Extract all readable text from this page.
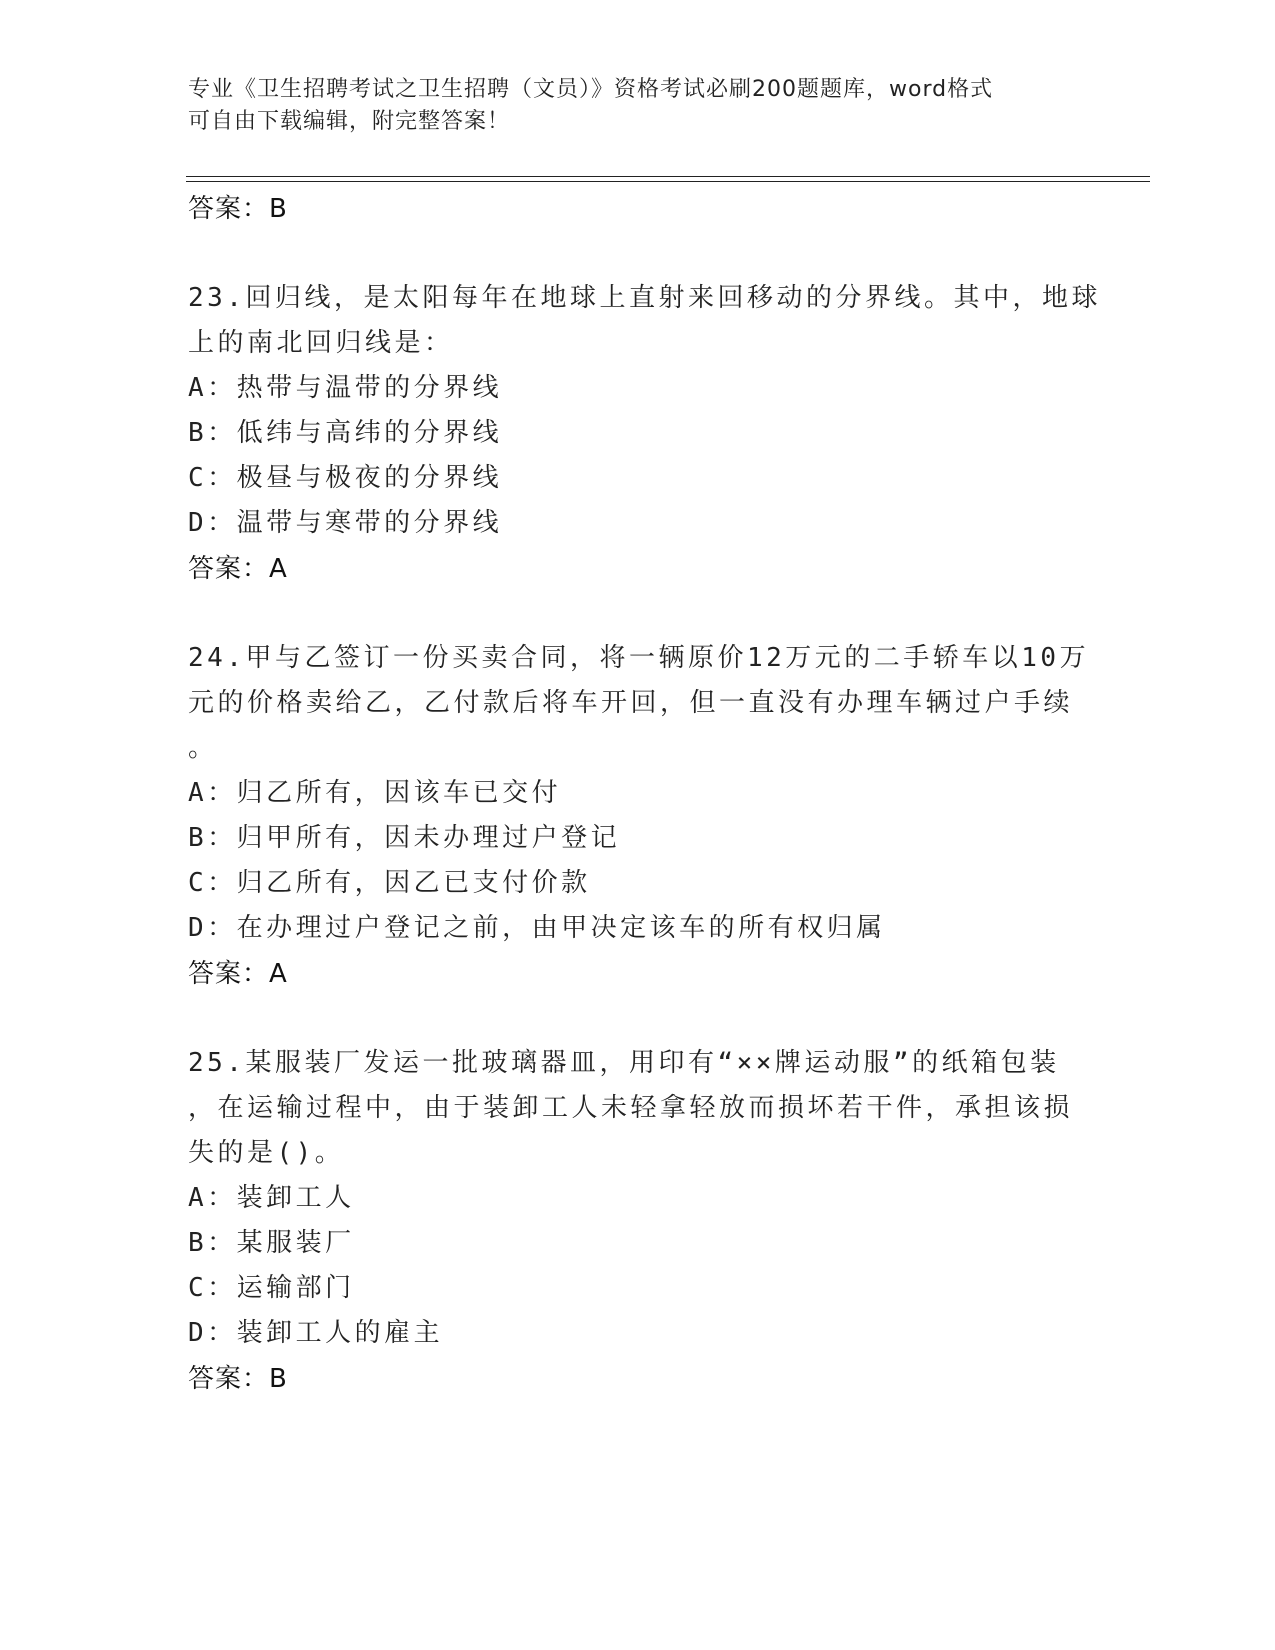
专业《卫生招聘考试之卫生招聘（文员）》资格考试必刷200题题库，word格式

可自由下载编辑，附完整答案！

答案：B
23.回归线，是太阳每年在地球上直射来回移动的分界线。其中，地球
上的南北回归线是：
A：热带与温带的分界线
B：低纬与高纬的分界线
C：极昼与极夜的分界线
D：温带与寒带的分界线
答案：A
24.甲与乙签订一份买卖合同，将一辆原价12万元的二手轿车以10万
元的价格卖给乙，乙付款后将车开回，但一直没有办理车辆过户手续
。
A：归乙所有，因该车已交付
B：归甲所有，因未办理过户登记
C：归乙所有，因乙已支付价款
D：在办理过户登记之前，由甲决定该车的所有权归属
答案：A
25.某服装厂发运一批玻璃器皿，用印有“××牌运动服”的纸箱包装
，在运输过程中，由于装卸工人未轻拿轻放而损坏若干件，承担该损
失的是()。
A：装卸工人
B：某服装厂
C：运输部门
D：装卸工人的雇主
答案：B
